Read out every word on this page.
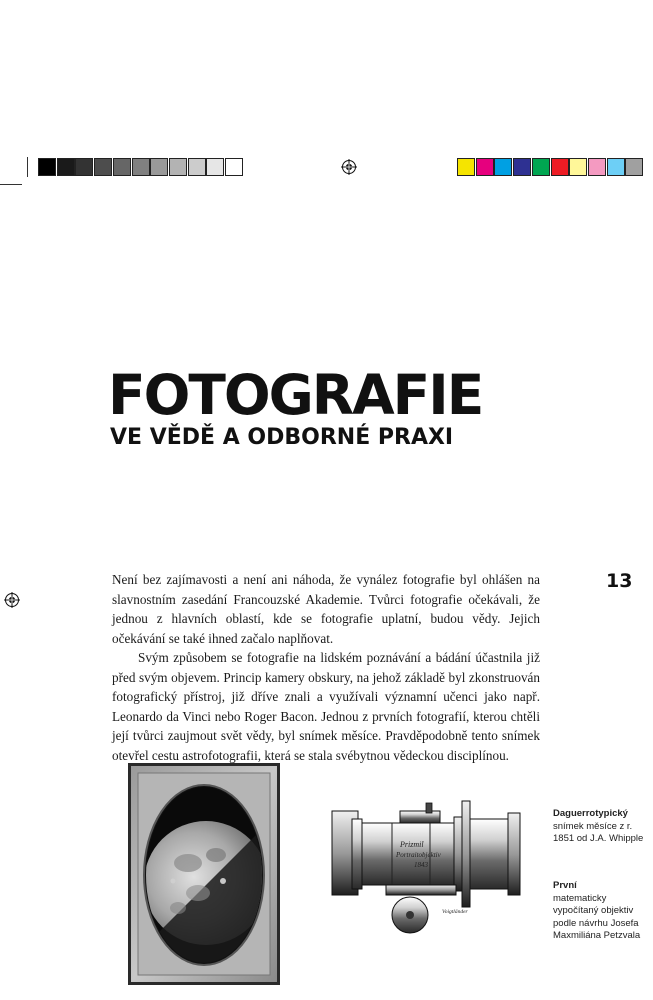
FOTOGRAFIE
VE VĚDĚ A ODBORNÉ PRAXI
13

Není bez zajímavosti a není ani náhoda, že vynález fotografie byl ohlášen na slavnostním zasedání Francouzské Akademie. Tvůrci fotografie očekávali, že jednou z hlavních oblastí, kde se fotografie uplatní, budou vědy. Jejich očekávání se také ihned začalo naplňovat.

Svým způsobem se fotografie na lidském poznávání a bádání účastnila již před svým objevem. Princip kamery obskury, na jehož základě byl zkonstruován fotografický přístroj, již dříve znali a využívali významní učenci jako např. Leonardo da Vinci nebo Roger Bacon. Jednou z prvních fotografií, kterou chtěli její tvůrci zaujmout svět vědy, byl snímek měsíce. Pravděpodobně tento snímek otevřel cestu astrofotografii, která se stala svébytnou vědeckou disciplínou.

Prizmil
Portraitobjektiv
1843
Voigtländer
Daguerrotypický
snímek měsíce z r. 1851 od J.A. Whipple
První
matematicky vypočítaný objektiv podle návrhu Josefa Maxmiliána Petzvala
